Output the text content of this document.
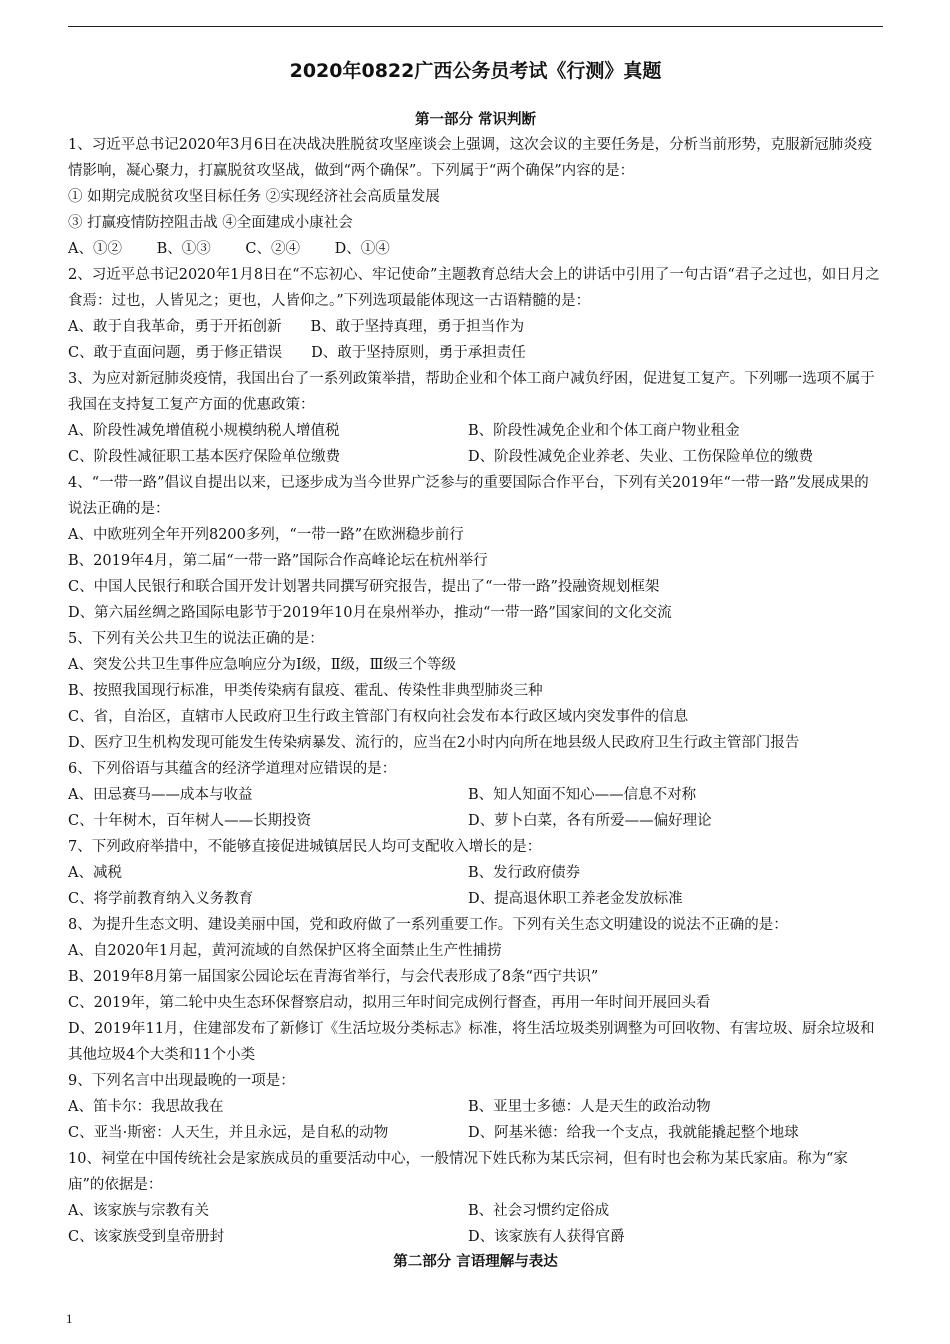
2020年0822广西公务员考试《行测》真题
第一部分 常识判断
1、习近平总书记2020年3月6日在决战决胜脱贫攻坚座谈会上强调，这次会议的主要任务是，分析当前形势，克服新冠肺炎疫情影响，凝心聚力，打赢脱贫攻坚战，做到“两个确保”。下列属于“两个确保”内容的是：
① 如期完成脱贫攻坚目标任务 ②实现经济社会高质量发展
③ 打赢疫情防控阻击战 ④全面建成小康社会
A、①② B、①③ C、②④ D、①④
2、习近平总书记2020年1月8日在“不忘初心、牢记使命”主题教育总结大会上的讲话中引用了一句古语“君子之过也，如日月之食焉：过也，人皆见之；更也，人皆仰之。”下列选项最能体现这一古语精髓的是：
A、敢于自我革命，勇于开拓创新　　B、敢于坚持真理，勇于担当作为
C、敢于直面问题，勇于修正错误　　D、敢于坚持原则，勇于承担责任
3、为应对新冠肺炎疫情，我国出台了一系列政策举措，帮助企业和个体工商户减负纾困，促进复工复产。下列哪一选项不属于我国在支持复工复产方面的优惠政策：
A、阶段性减免增值税小规模纳税人增值税	B、阶段性减免企业和个体工商户物业租金
C、阶段性减征职工基本医疗保险单位缴费	D、阶段性减免企业养老、失业、工伤保险单位的缴费
4、“一带一路”倡议自提出以来，已逐步成为当今世界广泛参与的重要国际合作平台，下列有关2019年“一带一路”发展成果的说法正确的是：
A、中欧班列全年开列8200多列，“一带一路”在欧洲稳步前行
B、2019年4月，第二届“一带一路”国际合作高峰论坛在杭州举行
C、中国人民银行和联合国开发计划署共同撰写研究报告，提出了“一带一路”投融资规划框架
D、第六届丝绸之路国际电影节于2019年10月在泉州举办，推动“一带一路”国家间的文化交流
5、下列有关公共卫生的说法正确的是：
A、突发公共卫生事件应急响应分为Ⅰ级，Ⅱ级，Ⅲ级三个等级
B、按照我国现行标准，甲类传染病有鼠疫、霍乱、传染性非典型肺炎三种
C、省，自治区，直辖市人民政府卫生行政主管部门有权向社会发布本行政区域内突发事件的信息
D、医疗卫生机构发现可能发生传染病暴发、流行的，应当在2小时内向所在地县级人民政府卫生行政主管部门报告
6、下列俗语与其蕴含的经济学道理对应错误的是：
A、田忌赛马——成本与收益	B、知人知面不知心——信息不对称
C、十年树木，百年树人——长期投资	D、萝卜白菜，各有所爱——偏好理论
7、下列政府举措中，不能够直接促进城镇居民人均可支配收入增长的是：
A、减税	B、发行政府债券
C、将学前教育纳入义务教育	D、提高退休职工养老金发放标准
8、为提升生态文明、建设美丽中国，党和政府做了一系列重要工作。下列有关生态文明建设的说法不正确的是：
A、自2020年1月起，黄河流域的自然保护区将全面禁止生产性捕捞
B、2019年8月第一届国家公园论坛在青海省举行，与会代表形成了8条“西宁共识”
C、2019年，第二轮中央生态环保督察启动，拟用三年时间完成例行督查，再用一年时间开展回头看
D、2019年11月，住建部发布了新修订《生活垃圾分类标志》标准，将生活垃圾类别调整为可回收物、有害垃圾、厨余垃圾和其他垃圾4个大类和11个小类
9、下列名言中出现最晚的一项是：
A、笛卡尔：我思故我在	B、亚里士多德：人是天生的政治动物
C、亚当·斯密：人天生，并且永远，是自私的动物	D、阿基米德：给我一个支点，我就能撬起整个地球
10、祠堂在中国传统社会是家族成员的重要活动中心，一般情况下姓氏称为某氏宗祠，但有时也会称为某氏家庙。称为“家庙”的依据是：
A、该家族与宗教有关	B、社会习惯约定俗成
C、该家族受到皇帝册封	D、该家族有人获得官爵
第二部分 言语理解与表达
1
